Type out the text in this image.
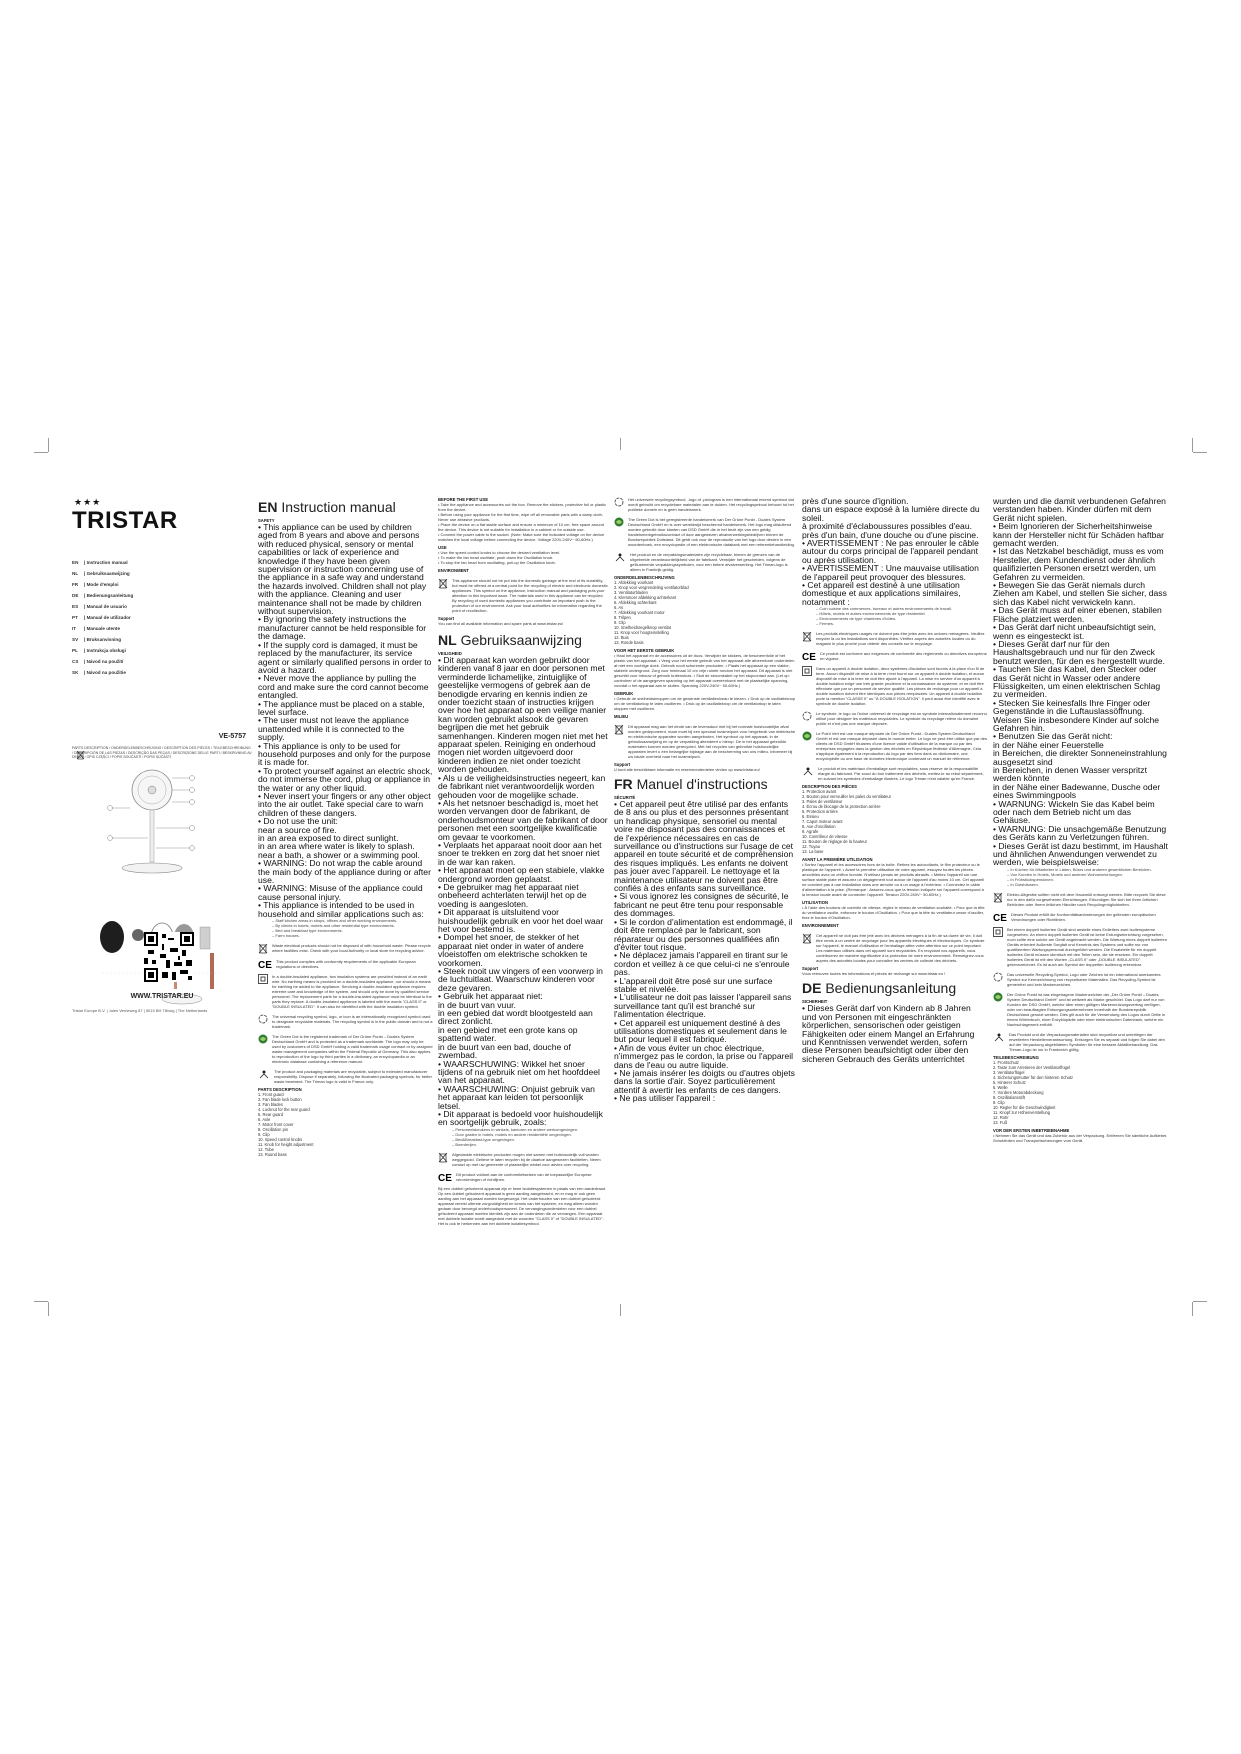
★★★
TRISTAR
EN | Instruction manual
NL | Gebruiksaanwijzing
FR | Mode d'emploi
DE | Bedienungsanleitung
ES | Manual de usuario
PT | Manual de utilizador
IT | Manuale utente
SV | Bruksanvisning
PL | Instrukcja obsługi
CS | Návod na použití
SK | Návod na použitie
VE-5757
PARTS DESCRIPTION / ONDERDELENBESCHRIJVING / DESCRIPTION DES PIÈCES / TEILEBESCHREIBUNG / DESCRIPCIÓN DE LAS PIEZAS / DESCRIÇÃO DAS PEÇAS / DESCRIZIONE DELLE PARTI / BESKRIVNING AV DELAR / OPIS CZĘŚCI / POPIS SOUČÁSTÍ / POPIS SÚČASTÍ
WWW.TRISTAR.EU
Tristar Europe B.V. | Jules Verneweg 87 | 5015 BH Tilburg | The Netherlands
EN Instruction manual
SAFETY

• This appliance can be used by children aged from 8 years and above and persons with reduced physical, sensory or mental capabilities or lack of experience and knowledge if they have been given supervision or instruction concerning use of the appliance in a safe way and understand the hazards involved. Children shall not play with the appliance. Cleaning and user maintenance shall not be made by children without supervision.

• By ignoring the safety instructions the manufacturer cannot be held responsible for the damage.

• If the supply cord is damaged, it must be replaced by the manufacturer, its service agent or similarly qualified persons in order to avoid a hazard.

• Never move the appliance by pulling the cord and make sure the cord cannot become entangled.

• The appliance must be placed on a stable, level surface.

• The user must not leave the appliance unattended while it is connected to the supply.

• This appliance is only to be used for household purposes and only for the purpose it is made for.

• To protect yourself against an electric shock, do not immerse the cord, plug or appliance in the water or any other liquid.

• Never insert your fingers or any other object into the air outlet. Take special care to warn children of these dangers.

• Do not use the unit:

near a source of fire.

in an area exposed to direct sunlight.

in an area where water is likely to splash.

near a bath, a shower or a swimming pool.

• WARNING: Do not wrap the cable around the main body of the appliance during or after use.

• WARNING: Misuse of the appliance could cause personal injury.

• This appliance is intended to be used in household and similar applications such as:

– Staff kitchen areas in shops, offices and other working environments.

– By clients in hotels, motels and other residential type environments.

– Bed and breakfast type environments.

– Farm houses.

Waste electrical products should not be disposed of with household waste. Please recycle where facilities exist. Check with your local Authority or local store for recycling advice.
CE This product complies with conformity requirements of the applicable European regulations or directives.
In a double-insulated appliance, two insulation systems are provided instead of an earth wire. No earthing means is provided on a double-insulated appliance, nor should a means for earthing be added to the appliance. Servicing a double-insulated appliance requires extreme care and knowledge of the system, and should only be done by qualified service personnel. The replacement parts for a double-insulated appliance must be identical to the parts they replace. A double-insulated appliance is labeled with the words "CLASS II" or "DOUBLE INSULATED". It can also be identified with the double insulation symbol.
The universal recycling symbol, logo, or icon is an internationally recognized symbol used to designate recyclable materials. The recycling symbol is in the public domain and is not a trademark.
The Green Dot is the registered trademark of Der Grüne Punkt – Duales System Deutschland GmbH and is protected as a trademark worldwide. The logo may only be used by customers of DSD GmbH holding a valid trademark usage contract or by assigned waste management companies within the Federal Republic of Germany. This also applies to reproduction of the logo by third parties in a dictionary, an encyclopaedia or an electronic database containing a reference manual.
The product and packaging materials are recyclable, subject to extended manufacturer responsibility. Dispose if separately, following the illustrated packaging symbols, for better waste treatment. The Triman logo is valid in France only.
PARTS DESCRIPTION
1. Front guard
2. Fan blade lock button
3. Fan blades
4. Locknut for the rear guard
5. Rear guard
6. Axle
7. Motor front cover
8. Oscillation pin
9. Clip
10. Speed control knobs
11. Knob for height adjustment
12. Tube
13. Round base
BEFORE THE FIRST USE

• Take the appliance and accessories out the box. Remove the stickers, protective foil or plastic from the device.

• Before using your appliance for the first time, wipe off all removable parts with a damp cloth. Never use abrasive products.

• Place the device on a flat stable surface and ensure a minimum of 10 cm. free space around the device. This device is not suitable for installation in a cabinet or for outside use.

• Connect the power cable to the socket. (Note: Make sure the indicated voltage on the device matches the local voltage before connecting the device. Voltage 220V-240V~ 50-60Hz.)

USE

• Use the speed control knobs to choose the desired ventilation level.

• To make the fan head oscillate, push down the Oscillation knob.

• To stop the fan head from oscillating, pull-up the Oscillation knob.

ENVIRONMENT
This appliance should not be put into the domestic garbage at the end of its durability, but must be offered at a central point for the recycling of electric and electronic domestic appliances. This symbol on the appliance, instruction manual and packaging puts your attention to this important issue. The materials used in this appliance can be recycled. By recycling of used domestic appliances you contribute an important push to the protection of our environment. Ask your local authorities for information regarding the point of recollection.
Support
You can find all available information and spare parts at www.tristar.eu!
NL Gebruiksaanwijzing
VEILIGHEID

• Dit apparaat kan worden gebruikt door kinderen vanaf 8 jaar en door personen met verminderde lichamelijke, zintuiglijke of geestelijke vermogens of gebrek aan de benodigde ervaring en kennis indien ze onder toezicht staan of instructies krijgen over hoe het apparaat op een veilige manier kan worden gebruikt alsook de gevaren begrijpen die met het gebruik samenhangen. Kinderen mogen niet met het apparaat spelen. Reiniging en onderhoud mogen niet worden uitgevoerd door kinderen indien ze niet onder toezicht worden gehouden.

• Als u de veiligheidsinstructies negeert, kan de fabrikant niet verantwoordelijk worden gehouden voor de mogelijke schade.

• Als het netsnoer beschadigd is, moet het worden vervangen door de fabrikant, de onderhoudsmonteur van de fabrikant of door personen met een soortgelijke kwalificatie om gevaar te voorkomen.

• Verplaats het apparaat nooit door aan het snoer te trekken en zorg dat het snoer niet in de war kan raken.

• Het apparaat moet op een stabiele, vlakke ondergrond worden geplaatst.

• De gebruiker mag het apparaat niet onbeheerd achterlaten terwijl het op de voeding is aangesloten.

• Dit apparaat is uitsluitend voor huishoudelijk gebruik en voor het doel waar het voor bestemd is.

• Dompel het snoer, de stekker of het apparaat niet onder in water of andere vloeistoffen om elektrische schokken te voorkomen.

• Steek nooit uw vingers of een voorwerp in de luchtuitlaat. Waarschuw kinderen voor deze gevaren.

• Gebruik het apparaat niet:

in de buurt van vuur.

in een gebied dat wordt blootgesteld aan direct zonlicht.

in een gebied met een grote kans op spattend water.

in de buurt van een bad, douche of zwembad.

• WAARSCHUWING: Wikkel het snoer tijdens of na gebruik niet om het hoofddeel van het apparaat.

• WAARSCHUWING: Onjuist gebruik van het apparaat kan leiden tot persoonlijk letsel.

• Dit apparaat is bedoeld voor huishoudelijk en soortgelijk gebruik, zoals:

– Personeelskeukens in winkels, kantoren en andere werkomgevingen.

– Door gasten in hotels, motels en andere residentiële omgevingen.

– Bed&Breakfast-type omgevingen.

– Boerderijen.

Afgedankte elektrische producten mogen niet samen met huishoudelijk vuil worden weggegooid. Gelieve te laten recyclen bij de daartoe aangewezen faciliteiten. Neem contact op met uw gemeente of plaatselijke winkel voor advies over recycling.
CE Dit product voldoet aan de conformiteitseisen van de toepasselijke Europese verordeningen of richtlijnen.
Bij een dubbel geïsoleerd apparaat zijn er twee isolatiesystemen in plaats van een aardedraad. Op een dubbel geïsoleerd apparaat is geen aarding aangebracht, en er mag er ook geen aarding aan het apparaat worden toegevoegd. Het onderhouden van een dubbel geïsoleerd apparaat vereist uiterste zorgvuldigheid en kennis van het systeem, en mag alleen worden gedaan door bevoegd onderhoudspersoneel. De vervangingsonderdelen voor een dubbel geïsoleerd apparaat moeten identiek zijn aan de onderdelen die ze vervangen. Een apparaat met dubbele isolatie wordt aangeduid met de woorden "CLASS II" of "DOUBLE INSULATED". Het is ook te herkennen aan het dubbele isolatiesymbool.
Het universele recyclingsymbool, -logo of -pictogram is een internationaal erkend symbool dat wordt gebruikt om recyclebare materialen aan te duiden. Het recyclingsymbool behoort tot het publieke domein en is geen handelsmerk.
The Green Dot is het geregistreerde handelsmerk van Der Grüne Punkt - Duales System Deutschland GmbH en is over wereldwijd beschermd handelsmerk. Het logo mag uitsluitend worden gebruikt door klanten van DSD GmbH die in het bezit zijn van een geldig handelsmerkgebruikscontract of door aangewezen afvalverwerkingsbedrijven binnen de Bondsrepubliek Duitsland. Dit geldt ook voor de reproductie van het logo door derden in een woordenboek, een encyclopedie of een elektronische databank met een referentiehandleiding.
Het product en de verpakkingsmaterialen zijn recyclebaar, binnen de grenzen van de uitgebreide verantwoordelijkheid van de fabrikant. Verwijder het gescheiden, volgens de geïllustreerde verpakkingssymbolen, voor een betere afvalverwerking. Het Triman-logo is alleen in Frankrijk geldig.
ONDERDELENBESCHRIJVING
1. Afdekking voorkant
2. Knop voor vergrendeling ventilatorblad
3. Ventilatorbladen
4. Klemmoer afdekking achterkant
5. Afdekking achterkant
6. As
7. Afdekking voorkant motor
8. Trilpen
9. Clip
10. Snelheidsregelknop ventilat
11. Knop voor hoogteinstelling
12. Buis
13. Ronde basis
VOOR HET EERSTE GEBRUIK
• Haal het apparaat en de accessoires uit de doos. Verwijder de stickers, de beschermfolie of het plastic van het apparaat. • Veeg voor het eerste gebruik van het apparaat alle afneembare onderdelen af met een vochtige doek. Gebruik nooit schurende producten. • Plaats het apparaat op een vlakke, stabiele ondergrond. Zorg voor minimaal 10 cm vrije ruimte rondom het apparaat. Dit apparaat is niet geschikt voor inbouw of gebruik buitenshuis. • Sluit de stroomkabel op het stopcontact aan. (Let op: controleer of de aangegeven spanning op het apparaat overeenkomt met de plaatselijke spanning, voordat u het apparaat aan te sluiten. Spanning 220V-240V~ 50-60Hz.)
GEBRUIK
• Gebruik de snelheidsknoppen om de gewenste ventilatieniveau te kiezen. • Druk op de oscillatieknop om de ventilatorkop te laten oscilleren. • Druk op de oscillatieknop om de ventilatorkop te laten stoppen met oscilleren.
MILIEU
Dit apparaat mag aan het einde van de levensduur niet bij het normale huishoudelijke afval worden gedeponeerd, maar moet bij een speciaal inzamelpunt voor hergebruik van elektrische en elektronische apparaten worden aangeboden. Het symbool op het apparaat, in de gebruiksaanwijzing en op de verpakking attendeert u hierop. De in het apparaat gebruikte materialen kunnen worden gerecycled. Met het recyclen van gebruikte huishoudelijke apparaten levert u een belangrijke bijdrage aan de bescherming van ons milieu. Informeer bij uw lokale overheid naar het inzamelpunt.
Support
U kunt alle beschikbare informatie en reserveonderdelen vinden op www.tristar.eu!
FR Manuel d'instructions
SÉCURITÉ

• Cet appareil peut être utilisé par des enfants de 8 ans ou plus et des personnes présentant un handicap physique, sensoriel ou mental voire ne disposant pas des connaissances et de l'expérience nécessaires en cas de surveillance ou d'instructions sur l'usage de cet appareil en toute sécurité et de compréhension des risques impliqués. Les enfants ne doivent pas jouer avec l'appareil. Le nettoyage et la maintenance utilisateur ne doivent pas être confiés à des enfants sans surveillance.

• Si vous ignorez les consignes de sécurité, le fabricant ne peut être tenu pour responsable des dommages.

• Si le cordon d'alimentation est endommagé, il doit être remplacé par le fabricant, son réparateur ou des personnes qualifiées afin d'éviter tout risque.

• Ne déplacez jamais l'appareil en tirant sur le cordon et veillez à ce que celui-ci ne s'enroule pas.

• L'appareil doit être posé sur une surface stable et nivelée.

• L'utilisateur ne doit pas laisser l'appareil sans surveillance tant qu'il est branché sur l'alimentation électrique.

• Cet appareil est uniquement destiné à des utilisations domestiques et seulement dans le but pour lequel il est fabriqué.

• Afin de vous éviter un choc électrique, n'immergez pas le cordon, la prise ou l'appareil dans de l'eau ou autre liquide.

• Ne jamais insérer les doigts ou d'autres objets dans la sortie d'air. Soyez particulièrement attentif à avertir les enfants de ces dangers.

• Ne pas utiliser l'appareil :

près d'une source d'ignition.

dans un espace exposé à la lumière directe du soleil.

à proximité d'éclaboussures possibles d'eau.

près d'un bain, d'une douche ou d'une piscine.

• AVERTISSEMENT : Ne pas enrouler le câble autour du corps principal de l'appareil pendant ou après utilisation.

• AVERTISSEMENT : Une mauvaise utilisation de l'appareil peut provoquer des blessures.

• Cet appareil est destiné à une utilisation domestique et aux applications similaires, notamment :

– Coin cuisine des commerces, bureaux et autres environnements de travail.

– Hôtels, motels et autres environnements de type résidentiel.

– Environnements de type chambres d'hôtes.

– Fermes.

Les produits électriques usagés ne doivent pas être jetés avec les ordures ménagères. Veuillez recycler là où les installations sont disponibles. Vérifiez auprès des autorités locales ou du magasin le plus proche pour obtenir des conseils sur le recyclage.
CE Ce produit est conforme aux exigences de conformité des règlements ou directives européens en vigueur.
Dans un appareil à double isolation, deux systèmes d'isolation sont fournis à la place d'un fil de terre. Aucun dispositif de mise à la terre n'est fourni sur un appareil à double isolation, et aucun dispositif de mise à la terre ne doit être ajouté à l'appareil. La mise en service d'un appareil à double isolation exige une très grande prudence et la connaissance du système, et ne doit être effectuée que par un personnel de service qualifié. Les pièces de rechange pour un appareil à double isolation doivent être identiques aux pièces remplacées. Un appareil à double isolation porte la mention "CLASSE II" ou "À DOUBLE ISOLATION". Il peut aussi être identifié avec le symbole de double isolation.
Le symbole, le logo ou l'icône universel de recyclage est un symbole internationalement reconnu utilisé pour désigner les matériaux recyclables. Le symbole du recyclage relève du domaine public et n'est pas une marque déposée.
Le Point Vert est une marque déposée de Der Grüne Punkt - Duales System Deutschland GmbH et est une marque déposée dans le monde entier. Le logo ne peut être utilisé que par des clients de DSD GmbH titulaires d'une licence valide d'utilisation de la marque ou par des entreprises engagées dans la gestion des déchets en République fédérale d'Allemagne. Cela s'applique également à la reproduction du logo par des tiers dans un dictionnaire, une encyclopédie ou une base de données électronique contenant un manuel de référence.
Le produit et les matériaux d'emballage sont recyclables, sous réserve de la responsabilité élargie du fabricant. Par souci du bon traitement des déchets, mettez-le au rebut séparément, en suivant les symboles d'emballage illustrés. Le logo Triman n'est valable qu'en France.
DESCRIPTION DES PIÈCES
1. Protection avant
2. Bouton pour verrouiller les pales du ventilateur
3. Pales de ventilateur
4. Écrou de blocage de la protection arrière
5. Protection arrière
6. Essieu
7. Capot moteur avant
8. Axe d'oscillation
9. Agrafe
10. Contrôleur de vitesse
11. Bouton de réglage de la hauteur
12. Tuyau
13. La base
AVANT LA PREMIÈRE UTILISATION
• Sortez l'appareil et les accessoires hors de la boîte. Retirez les autocollants, le film protecteur ou le plastique de l'appareil. • Avant la première utilisation de votre appareil, essuyez toutes les pièces amovibles avec un chiffon humide. N'utilisez jamais de produits abrasifs. • Mettez l'appareil sur une surface stable plate et assurez un dégagement tout autour de l'appareil d'au moins 10 cm. Cet appareil ne convient pas à une installation dans une armoire ou à un usage à l'extérieur. • Connectez le câble d'alimentation à la prise. (Remarque : Assurez-vous que la tension indiquée sur l'appareil correspond à la tension locale avant de connecter l'appareil. Tension 220V-240V~ 50-60Hz.)
UTILISATION
• À l'aide des boutons de contrôle de vitesse, réglez le niveau de ventilation souhaité. • Pour que la tête du ventilateur oscille, enfoncez le bouton d'Oscillation. • Pour que la tête du ventilateur cesse d'osciller, tirez le bouton d'Oscillation.
ENVIRONNEMENT
Cet appareil ne doit pas être jeté avec les déchets ménagers à la fin de sa durée de vie, il doit être remis à un centre de recyclage pour les appareils électriques et électroniques. Ce symbole sur l'appareil, le manuel d'utilisation et l'emballage attire votre attention sur ce point important. Les matériaux utilisés dans cet appareil sont recyclables. En recyclant vos appareils, vous contribuerez de manière significative à la protection de notre environnement. Renseignez-vous auprès des autorités locales pour connaître les centres de collecte des déchets.
Support
Vous retrouvez toutes les informations et pièces de rechange sur www.tristar.eu !
DE Bedienungsanleitung
SICHERHEIT

• Dieses Gerät darf von Kindern ab 8 Jahren und von Personen mit eingeschränkten körperlichen, sensorischen oder geistigen Fähigkeiten oder einem Mangel an Erfahrung und Kenntnissen verwendet werden, sofern diese Personen beaufsichtigt oder über den sicheren Gebrauch des Geräts unterrichtet

wurden und die damit verbundenen Gefahren verstanden haben. Kinder dürfen mit dem Gerät nicht spielen.

• Beim Ignorieren der Sicherheitshinweise kann der Hersteller nicht für Schäden haftbar gemacht werden.

• Ist das Netzkabel beschädigt, muss es vom Hersteller, dem Kundendienst oder ähnlich qualifizierten Personen ersetzt werden, um Gefahren zu vermeiden.

• Bewegen Sie das Gerät niemals durch Ziehen am Kabel, und stellen Sie sicher, dass sich das Kabel nicht verwickeln kann.

• Das Gerät muss auf einer ebenen, stabilen Fläche platziert werden.

• Das Gerät darf nicht unbeaufsichtigt sein, wenn es eingesteckt ist.

• Dieses Gerät darf nur für den Haushaltsgebrauch und nur für den Zweck benutzt werden, für den es hergestellt wurde.

• Tauchen Sie das Kabel, den Stecker oder das Gerät nicht in Wasser oder andere Flüssigkeiten, um einen elektrischen Schlag zu vermeiden.

• Stecken Sie keinesfalls Ihre Finger oder Gegenstände in die Luftauslassöffnung. Weisen Sie insbesondere Kinder auf solche Gefahren hin.

• Benutzen Sie das Gerät nicht:

in der Nähe einer Feuerstelle

in Bereichen, die direkter Sonneneinstrahlung ausgesetzt sind

in Bereichen, in denen Wasser verspritzt werden könnte

in der Nähe einer Badewanne, Dusche oder eines Swimmingpools

• WARNUNG: Wickeln Sie das Kabel beim oder nach dem Betrieb nicht um das Gehäuse.

• WARNUNG: Die unsachgemäße Benutzung des Geräts kann zu Verletzungen führen.

• Dieses Gerät ist dazu bestimmt, im Haushalt und ähnlichen Anwendungen verwendet zu werden, wie beispielsweise:

– In Küchen für Mitarbeiter in Läden, Büros und anderen gewerblichen Bereichen.

– Von Kunden in Hotels, Motels und anderen Wohneinrichtungen.

– In Frühstückspensionen.

– In Gutshäusern.

Elektro-Altgeräte sollten nicht mit dem Hausmüll entsorgt werden. Bitte recyceln Sie diese nur in den dafür vorgesehenen Einrichtungen. Erkundigen Sie sich bei Ihren örtlichen Behörden oder Ihrem örtlichen Händler nach Recyclingmöglichkeiten.
CE Dieses Produkt erfüllt die Konformitätsanforderungen der geltenden europäischen Verordnungen oder Richtlinien.
Bei einem doppelt isolierten Gerät sind anstelle eines Erdleiters zwei Isoliersysteme vorgesehen. An einem doppelt isolierten Gerät ist keine Erdungseinrichtung vorgesehen, noch sollte eine solche am Gerät angebracht werden. Die Wartung eines doppelt isolierten Geräts erfordert äußerste Sorgfalt und Kenntnis des Systems und sollte nur von qualifiziertem Wartungspersonal durchgeführt werden. Die Ersatzteile für ein doppelt isoliertes Gerät müssen identisch mit den Teilen sein, die sie ersetzen. Ein doppelt isoliertes Gerät ist mit den Worten „CLASS II" oder „DOUBLE INSULATED" gekennzeichnet. Es ist auch am Symbol der doppelten Isolierung erkennbar.
Das universelle Recycling-Symbol, Logo oder Zeichen ist ein international anerkanntes Symbol zur Kennzeichnung von recycelbaren Materialien. Das Recycling-Symbol ist gemeinfrei und kein Markenzeichen.
Der Grüne Punkt ist das eingetragene Markenzeichen der „Der Grüne Punkt – Duales System Deutschland GmbH" und ist weltweit als Marke geschützt. Das Logo darf nur von Kunden der DSD GmbH, welche über einen gültigen Markennutzungsvertrag verfügen, oder von beauftragten Entsorgungsunternehmen innerhalb der Bundesrepublik Deutschland genutzt werden. Dies gilt auch für die Verwendung des Logos durch Dritte in einem Wörterbuch, einer Enzyklopädie oder einer elektronischen Datenbank, welche ein Nachschlagewerk enthält.
Das Produkt und die Verpackungsmaterialien sind recycelbar und unterliegen der erweiterten Herstellerverantwortung. Entsorgen Sie es separat und folgen Sie dabei den auf der Verpackung abgebildeten Symbolen für eine bessere Abfallbehandlung. Das Triman-Logo ist nur in Frankreich gültig.
TEILEBESCHREIBUNG
1. Frontschutz
2. Taste zum Arretieren der Ventilatorflügel
3. Ventilatorflügel
4. Sicherungsmutter für den hinteren Schutz
5. Hinterer Schutz
6. Welle
7. Vordere Motorabdeckung
8. Oszillationsstift
9. Clip
10. Regler für die Geschwindigkeit
11. Knopf zur Höhenverstellung
12. Rohr
13. Fuß
VOR DER ERSTEN INBETRIEBNAHME
• Nehmen Sie das Gerät und das Zubehör aus der Verpackung. Entfernen Sie sämtliche Aufkleber, Schutzfolien und Transportsicherungen vom Gerät.
